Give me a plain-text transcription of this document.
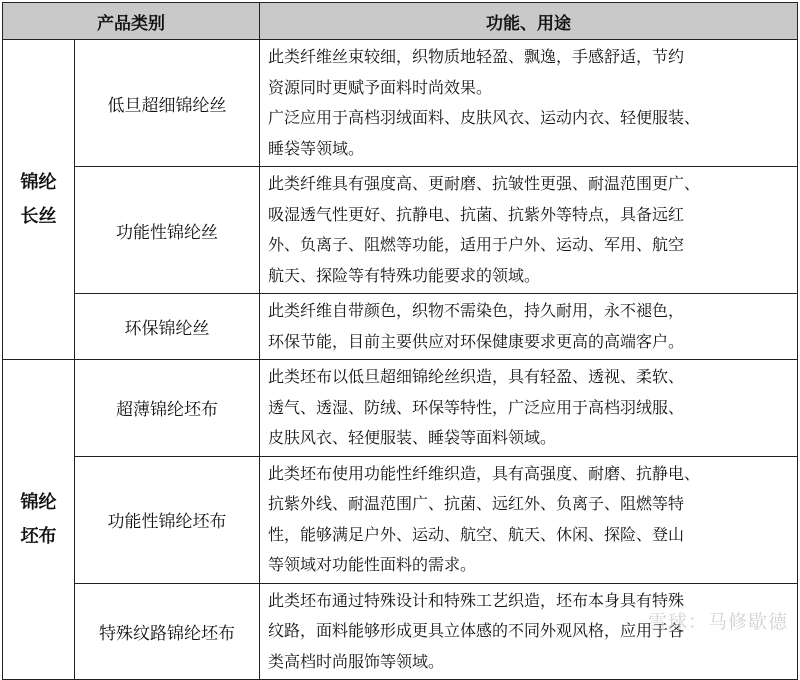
产品类别		功能、用途

锦纶
长丝	低旦超细锦纶丝	此类纤维丝束较细，织物质地轻盈、飘逸，手感舒适，节约
资源同时更赋予面料时尚效果。
广泛应用于高档羽绒面料、皮肤风衣、运动内衣、轻便服装、
睡袋等领域。

	功能性锦纶丝	此类纤维具有强度高、更耐磨、抗皱性更强、耐温范围更广、
吸湿透气性更好、抗静电、抗菌、抗紫外等特点，具备远红
外、负离子、阻燃等功能，适用于户外、运动、军用、航空
航天、探险等有特殊功能要求的领域。

	环保锦纶丝	此类纤维自带颜色，织物不需染色，持久耐用，永不褪色，
环保节能，目前主要供应对环保健康要求更高的高端客户。

锦纶
坯布	超薄锦纶坯布	此类坯布以低旦超细锦纶丝织造，具有轻盈、透视、柔软、
透气、透湿、防绒、环保等特性，广泛应用于高档羽绒服、
皮肤风衣、轻便服装、睡袋等面料领域。

	功能性锦纶坯布	此类坯布使用功能性纤维织造，具有高强度、耐磨、抗静电、
抗紫外线、耐温范围广、抗菌、远红外、负离子、阻燃等特
性，能够满足户外、运动、航空、航天、休闲、探险、登山
等领域对功能性面料的需求。

	特殊纹路锦纶坯布	此类坯布通过特殊设计和特殊工艺织造，坯布本身具有特殊
纹路，面料能够形成更具立体感的不同外观风格，应用于各
类高档时尚服饰等领域。
雪球：马修歇德
